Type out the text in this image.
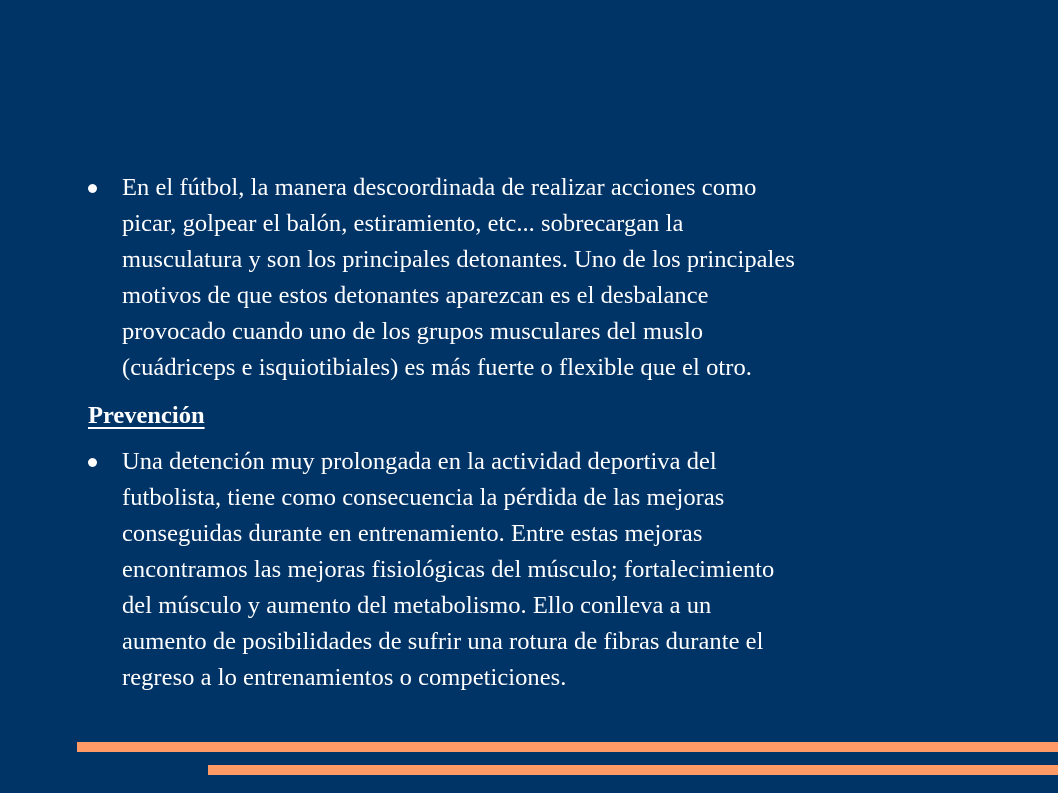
En el fútbol, la manera descoordinada de realizar acciones como
picar, golpear el balón, estiramiento, etc... sobrecargan la
musculatura y son los principales detonantes. Uno de los principales
motivos de que estos detonantes aparezcan es el desbalance
provocado cuando uno de los grupos musculares del muslo
(cuádriceps e isquiotibiales) es más fuerte o flexible que el otro.
Prevención
Una detención muy prolongada en la actividad deportiva del
futbolista, tiene como consecuencia la pérdida de las mejoras
conseguidas durante en entrenamiento. Entre estas mejoras
encontramos las mejoras fisiológicas del músculo; fortalecimiento
del músculo y aumento del metabolismo. Ello conlleva a un
aumento de posibilidades de sufrir una rotura de fibras durante el
regreso a lo entrenamientos o competiciones.
